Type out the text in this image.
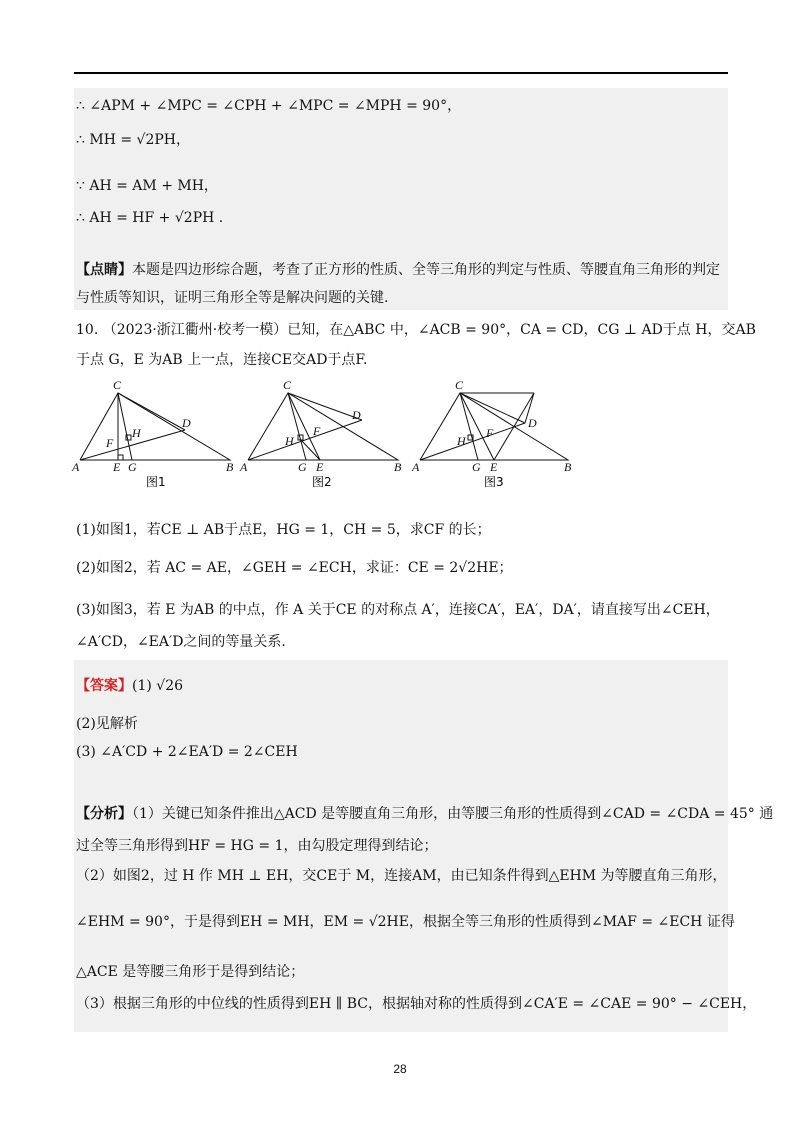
∴ ∠APM + ∠MPC = ∠CPH + ∠MPC = ∠MPH = 90°，
∴ MH = √2PH，
∵ AH = AM + MH，
∴ AH = HF + √2PH .
【点睛】本题是四边形综合题，考查了正方形的性质、全等三角形的判定与性质、等腰直角三角形的判定
与性质等知识，证明三角形全等是解决问题的关键.
10. （2023·浙江衢州·校考一模）已知，在△ABC 中，∠ACB = 90°，CA = CD，CG ⊥ AD于点 H，交AB
于点 G，E 为AB 上一点，连接CE交AD于点F.
C
A	B
E G
D
H
F
C
A	B
G E
D
H
F
C
A	B
G E
D
H
F
图1	图2	图3
(1)如图1，若CE ⊥ AB于点E，HG = 1，CH = 5，求CF 的长；
(2)如图2，若 AC = AE，∠GEH = ∠ECH，求证：CE = 2√2HE；
(3)如图3，若 E 为AB 的中点，作 A 关于CE 的对称点 A′，连接CA′，EA′，DA′，请直接写出∠CEH，
∠A′CD，∠EA′D之间的等量关系.
【答案】(1) √26
(2)见解析
(3) ∠A′CD + 2∠EA′D = 2∠CEH
【分析】（1）关键已知条件推出△ACD 是等腰直角三角形，由等腰三角形的性质得到∠CAD = ∠CDA = 45° 通
过全等三角形得到HF = HG = 1，由勾股定理得到结论；
（2）如图2，过 H 作 MH ⊥ EH，交CE于 M，连接AM，由已知条件得到△EHM 为等腰直角三角形，
∠EHM = 90°，于是得到EH = MH，EM = √2HE，根据全等三角形的性质得到∠MAF = ∠ECH 证得
△ACE 是等腰三角形于是得到结论；
（3）根据三角形的中位线的性质得到EH ∥ BC，根据轴对称的性质得到∠CA′E = ∠CAE = 90° − ∠CEH，
28
